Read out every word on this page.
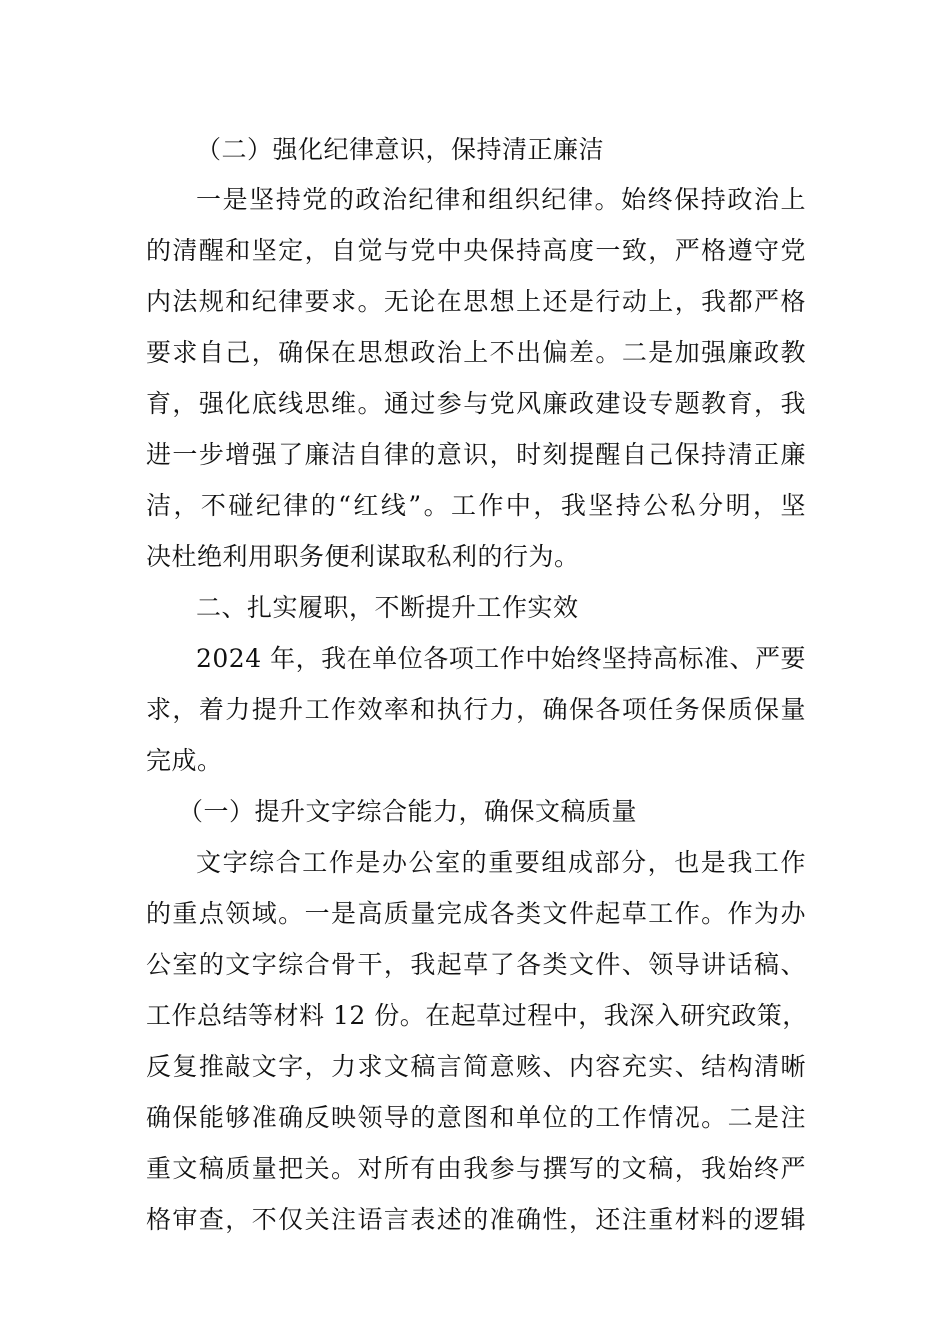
（二）强化纪律意识，保持清正廉洁
一是坚持党的政治纪律和组织纪律。始终保持政治上
的清醒和坚定，自觉与党中央保持高度一致，严格遵守党
内法规和纪律要求。无论在思想上还是行动上，我都严格
要求自己，确保在思想政治上不出偏差。二是加强廉政教
育，强化底线思维。通过参与党风廉政建设专题教育，我
进一步增强了廉洁自律的意识，时刻提醒自己保持清正廉
洁，不碰纪律的“红线”。工作中，我坚持公私分明，坚
决杜绝利用职务便利谋取私利的行为。
二、扎实履职，不断提升工作实效
2024 年，我在单位各项工作中始终坚持高标准、严要
求，着力提升工作效率和执行力，确保各项任务保质保量
完成。
（一）提升文字综合能力，确保文稿质量
文字综合工作是办公室的重要组成部分，也是我工作
的重点领域。一是高质量完成各类文件起草工作。作为办
公室的文字综合骨干，我起草了各类文件、领导讲话稿、
工作总结等材料 12 份。在起草过程中，我深入研究政策，
反复推敲文字，力求文稿言简意赅、内容充实、结构清晰
确保能够准确反映领导的意图和单位的工作情况。二是注
重文稿质量把关。对所有由我参与撰写的文稿，我始终严
格审查，不仅关注语言表述的准确性，还注重材料的逻辑
